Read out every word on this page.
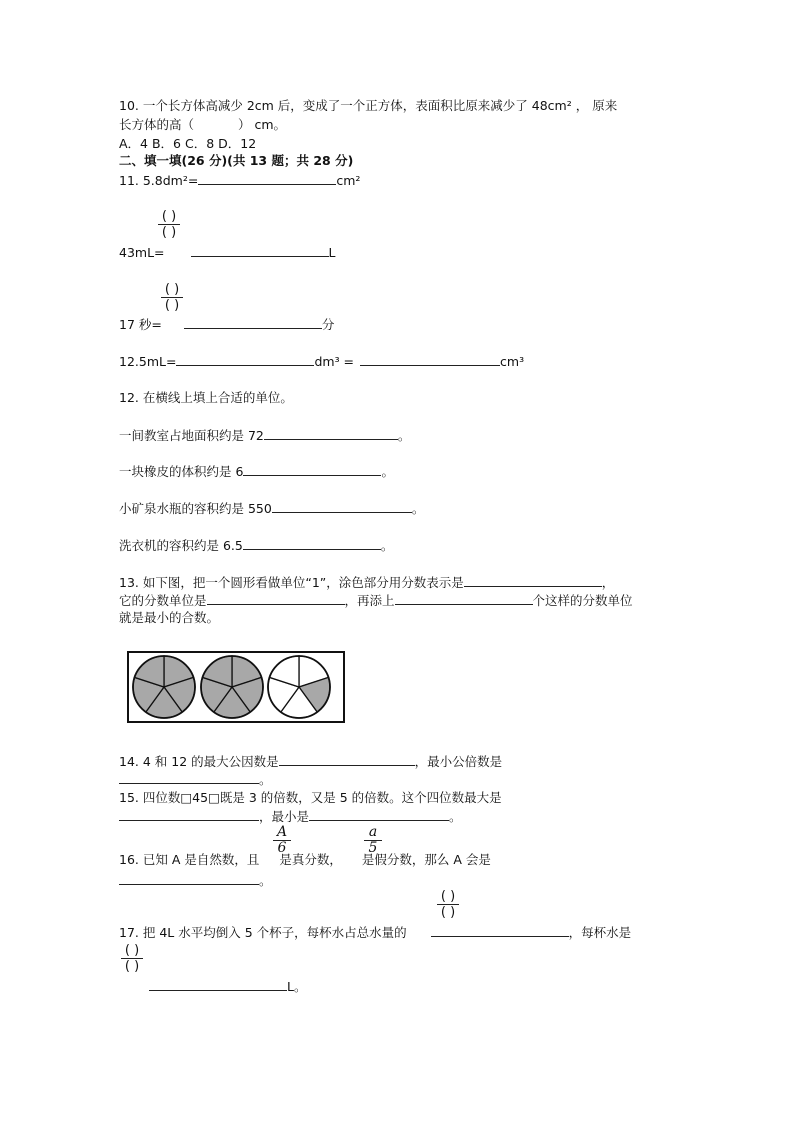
10. 一个长方体高减少 2cm 后，变成了一个正方体，表面积比原来减少了 48cm² ， 原来
长方体的高（	） cm。
A．4 B．6 C．8 D．12
二、填一填(26 分)(共 13 题；共 28 分)
11. 5.8dm²=	cm²
( )
( )
43mL=	L
( )
( )
17 秒=	分
12.5mL=	dm³ =	cm³
12. 在横线上填上合适的单位。
一间教室占地面积约是 72	。
一块橡皮的体积约是 6	。
小矿泉水瓶的容积约是 550	。
洗衣机的容积约是 6.5	。
13. 如下图，把一个圆形看做单位“1”，涂色部分用分数表示是	，
它的分数单位是	，再添上	个这样的分数单位
就是最小的合数。
14. 4 和 12 的最大公因数是	，最小公倍数是
。
15. 四位数□45□既是 3 的倍数，又是 5 的倍数。这个四位数最大是
，最小是	。
A
6
a
5
16. 已知 A 是自然数，且 是真分数， 是假分数，那么 A 会是
。
( )
( )
17. 把 4L 水平均倒入 5 个杯子，每杯水占总水量的	，每杯水是
( )
( )
L。
